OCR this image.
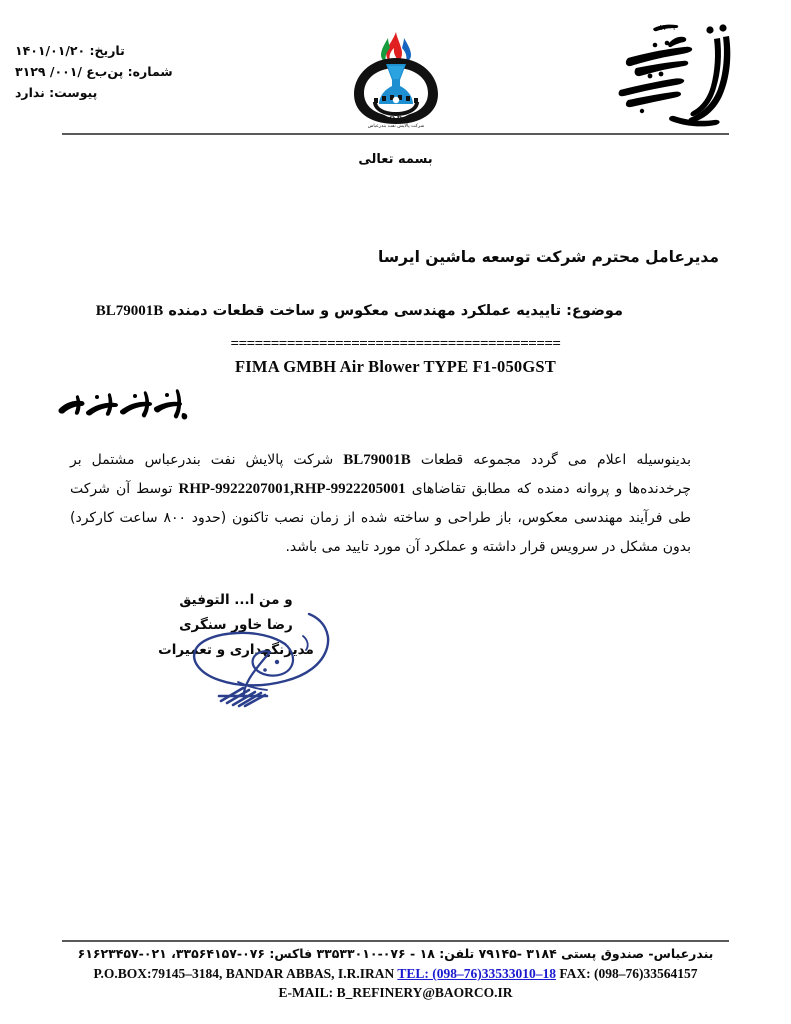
۱۴۰۱
B.O.R.C
شرکت پالایش نفت بندرعباس
تاریخ: ۱۴۰۱/۰۱/۲۰
شماره: پن‌ب‌ع /۰۰۱/ ۳۱۲۹
پیوست: ندارد
بسمه تعالی
مدیرعامل محترم شرکت توسعه ماشین ایرسا
موضوع: تاییدیه عملکرد مهندسی معکوس و ساخت قطعات دمنده BL79001B
=========================================
FIMA GMBH Air Blower TYPE F1-050GST
بدینوسیله اعلام می گردد مجموعه قطعات BL79001B شرکت پالایش نفت بندرعباس مشتمل بر چرخدنده‌ها و پروانه دمنده که مطابق تقاضاهای RHP-9922207001,RHP-9922205001 توسط آن شرکت طی فرآیند مهندسی معکوس، باز طراحی و ساخته شده از زمان نصب تاکنون (حدود ۸۰۰ ساعت کارکرد) بدون مشکل در سرویس قرار داشته و عملکرد آن مورد تایید می باشد.
و من ا... التوفیق
رضا خاور سنگری
مدیرنگهداری و تعمیرات
بندرعباس- صندوق پستی ۳۱۸۴ -۷۹۱۴۵ تلفن: ۱۸ - ۰۷۶-۳۳۵۳۳۰۱۰ فاکس: ۰۷۶-۳۳۵۶۴۱۵۷، ۰۲۱-۶۱۶۲۳۴۵۷
P.O.BOX:79145–3184, BANDAR ABBAS, I.R.IRAN TEL: (098–76)33533010–18 FAX: (098–76)33564157
E-MAIL: B_REFINERY@BAORCO.IR
